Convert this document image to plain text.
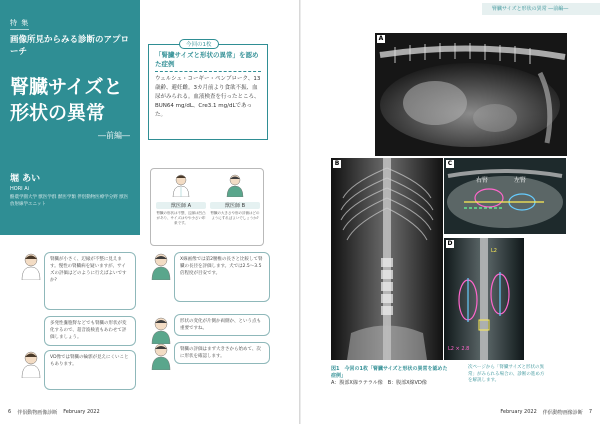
特 集
画像所見からみる診断のアプローチ
腎臓サイズと
形状の異常
―前編―
堀 あい
HORI Ai
酪農学園大学 獣医学群 獣医学類 伴侶動物医療学分野 獣医放射線学ユニット
今回の1枚
「腎臓サイズと形状の異常」を認めた症例
ウェルシュ・コーギー・ペンブローク、13歳齢、避妊雌。3カ月前より食欲不振、血尿がみられる。血液検査を行ったところ、BUN64 mg/dL、Cre3.1 mg/dLであった。
獣医師 A
腎臓の形状は不整、辺縁は凹凸があり、サイズはやや小さい印象です。
獣医師 B
腎臓の大きさや形の評価はどのようにすればよいでしょうか?
腎臓が小さく、辺縁が不整に見えます。慢性の腎臓病を疑いますが、サイズの評価はどのように行えばよいですか?
X線画像では第2腰椎の長さと比較して腎臓の長径を評価します。犬では2.5〜3.5倍程度が目安です。
多発性嚢胞腎などでも腎臓の形状が変化するので、超音波検査もあわせて評価しましょう。
形状の変化が片側か両側か、という点も重要ですね。
VD像では腎臓の輪郭が見えにくいこともあります。
腎臓の評価はまず大きさから始めて、次に形状を確認します。
6 伴侶動物画像診断 February 2022
腎臓サイズと形状の異常 ―前編―
February 2022 伴侶動物画像診断 7
A
B
右腎	左腎
C
L2
L2 × 2.8
D
図1　今回の1枚「腎臓サイズと形状の異常を認めた症例」
A：腹部X線ラテラル像　B：腹部X線VD像
次ページから「腎臓サイズと形状の異常」がみられる場合の、診断の進め方を解説します。
